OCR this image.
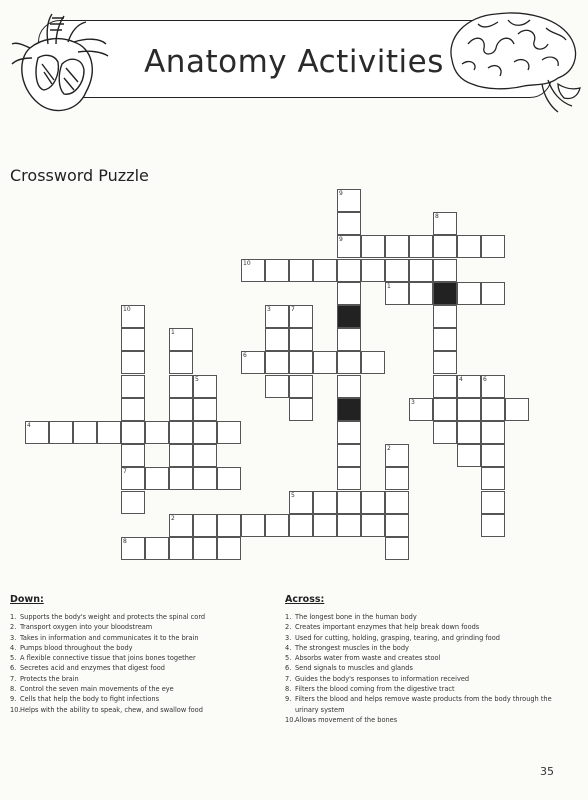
Anatomy Activities
Crossword Puzzle
9
8
9
10
1
3	7
10
1
6
5	4	6
3
4
2
7
5
2
8
Down:
1. Supports the body's weight and protects the spinal cord
2. Transport oxygen into your bloodstream
3. Takes in information and communicates it to the brain
4. Pumps blood throughout the body
5. A flexible connective tissue that joins bones together
6. Secretes acid and enzymes that digest food
7. Protects the brain
8. Control the seven main movements of the eye
9. Cells that help the body to fight infections
10. Helps with the ability to speak, chew, and swallow food
Across:
1. The longest bone in the human body
2. Creates important enzymes that help break down foods
3. Used for cutting, holding, grasping, tearing, and grinding food
4. The strongest muscles in the body
5. Absorbs water from waste and creates stool
6. Send signals to muscles and glands
7. Guides the body's responses to information received
8. Filters the blood coming from the digestive tract
9. Filters the blood and helps remove waste products from the body through the urinary system
10. Allows movement of the bones
35
